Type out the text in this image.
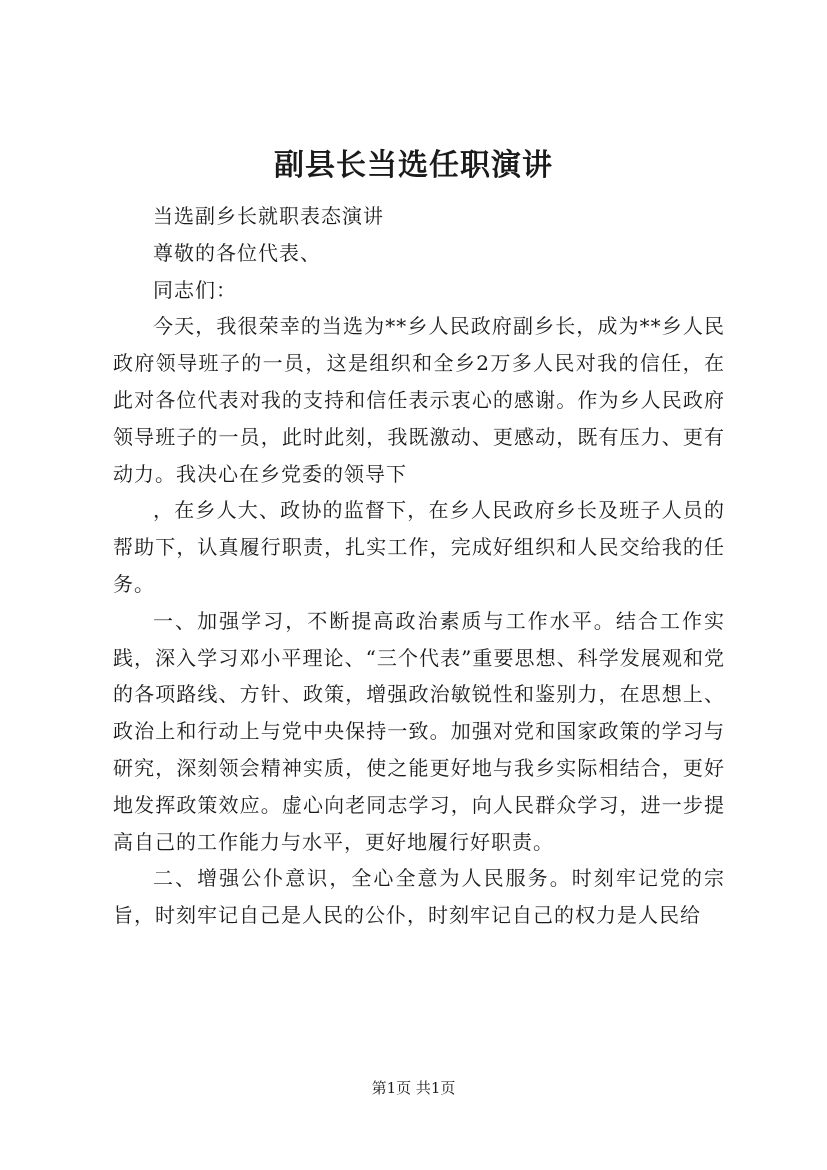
副县长当选任职演讲

当选副乡长就职表态演讲

尊敬的各位代表、

同志们：

今天，我很荣幸的当选为**乡人民政府副乡长，成为**乡人民政府领导班子的一员，这是组织和全乡2万多人民对我的信任，在此对各位代表对我的支持和信任表示衷心的感谢。作为乡人民政府领导班子的一员，此时此刻，我既激动、更感动，既有压力、更有动力。我决心在乡党委的领导下

，在乡人大、政协的监督下，在乡人民政府乡长及班子人员的帮助下，认真履行职责，扎实工作，完成好组织和人民交给我的任务。

一、加强学习，不断提高政治素质与工作水平。结合工作实践，深入学习邓小平理论、“三个代表”重要思想、科学发展观和党的各项路线、方针、政策，增强政治敏锐性和鉴别力，在思想上、政治上和行动上与党中央保持一致。加强对党和国家政策的学习与研究，深刻领会精神实质，使之能更好地与我乡实际相结合，更好地发挥政策效应。虚心向老同志学习，向人民群众学习，进一步提高自己的工作能力与水平，更好地履行好职责。

二、增强公仆意识，全心全意为人民服务。时刻牢记党的宗旨，时刻牢记自己是人民的公仆，时刻牢记自己的权力是人民给

第1页 共1页
